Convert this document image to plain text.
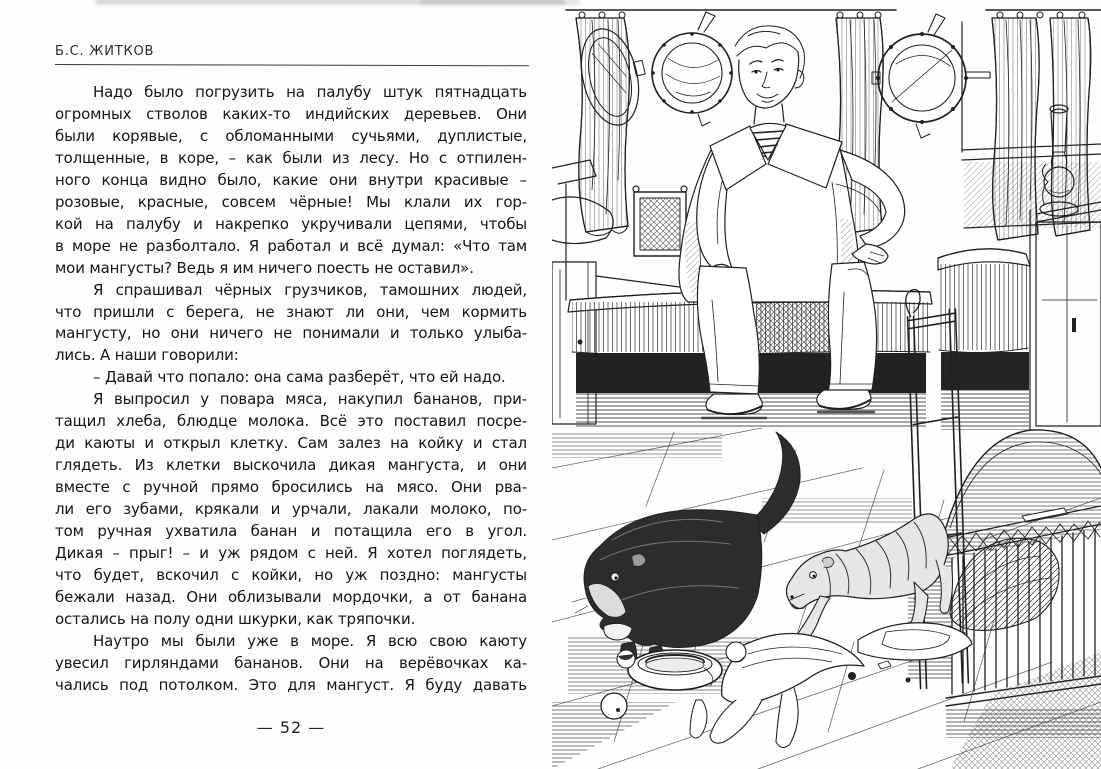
Б.С. ЖИТКОВ
Надо было погрузить на палубу штук пятнадцать
огромных стволов каких-то индийских деревьев. Они
были корявые, с обломанными сучьями, дуплистые,
толщенные, в коре, – как были из лесу. Но с отпилен-
ного конца видно было, какие они внутри красивые –
розовые, красные, совсем чёрные! Мы клали их гор-
кой на палубу и накрепко укручивали цепями, чтобы
в море не разболтало. Я работал и всё думал: «Что там
мои мангусты? Ведь я им ничего поесть не оставил».
Я спрашивал чёрных грузчиков, тамошних людей,
что пришли с берега, не знают ли они, чем кормить
мангусту, но они ничего не понимали и только улыба-
лись. А наши говорили:
– Давай что попало: она сама разберёт, что ей надо.
Я выпросил у повара мяса, накупил бананов, при-
тащил хлеба, блюдце молока. Всё это поставил посре-
ди каюты и открыл клетку. Сам залез на койку и стал
глядеть. Из клетки выскочила дикая мангуста, и они
вместе с ручной прямо бросились на мясо. Они рва-
ли его зубами, крякали и урчали, лакали молоко, по-
том ручная ухватила банан и потащила его в угол.
Дикая – прыг! – и уж рядом с ней. Я хотел поглядеть,
что будет, вскочил с койки, но уж поздно: мангусты
бежали назад. Они облизывали мордочки, а от банана
остались на полу одни шкурки, как тряпочки.
Наутро мы были уже в море. Я всю свою каюту
увесил гирляндами бананов. Они на верёвочках ка-
чались под потолком. Это для мангуст. Я буду давать
— 52 —
